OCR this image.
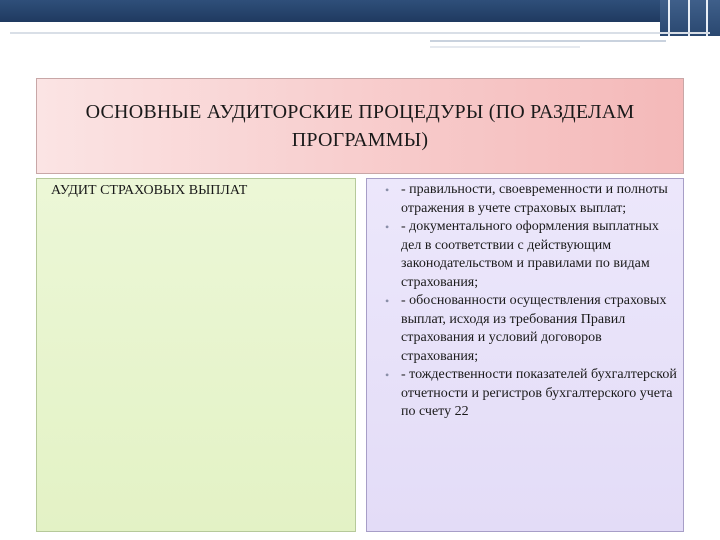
ОСНОВНЫЕ АУДИТОРСКИЕ ПРОЦЕДУРЫ (ПО РАЗДЕЛАМ ПРОГРАММЫ)
АУДИТ СТРАХОВЫХ ВЫПЛАТ	• - правильности, своевременности и полноты отражения в учете страховых выплат;
• - документального оформления выплатных дел в соответствии с действующим законодательством и правилами по видам страхования;
• - обоснованности осуществления страховых выплат, исходя из требования Правил страхования и условий договоров страхования;
• - тождественности показателей бухгалтерской отчетности и регистров бухгалтерского учета по счету 22
